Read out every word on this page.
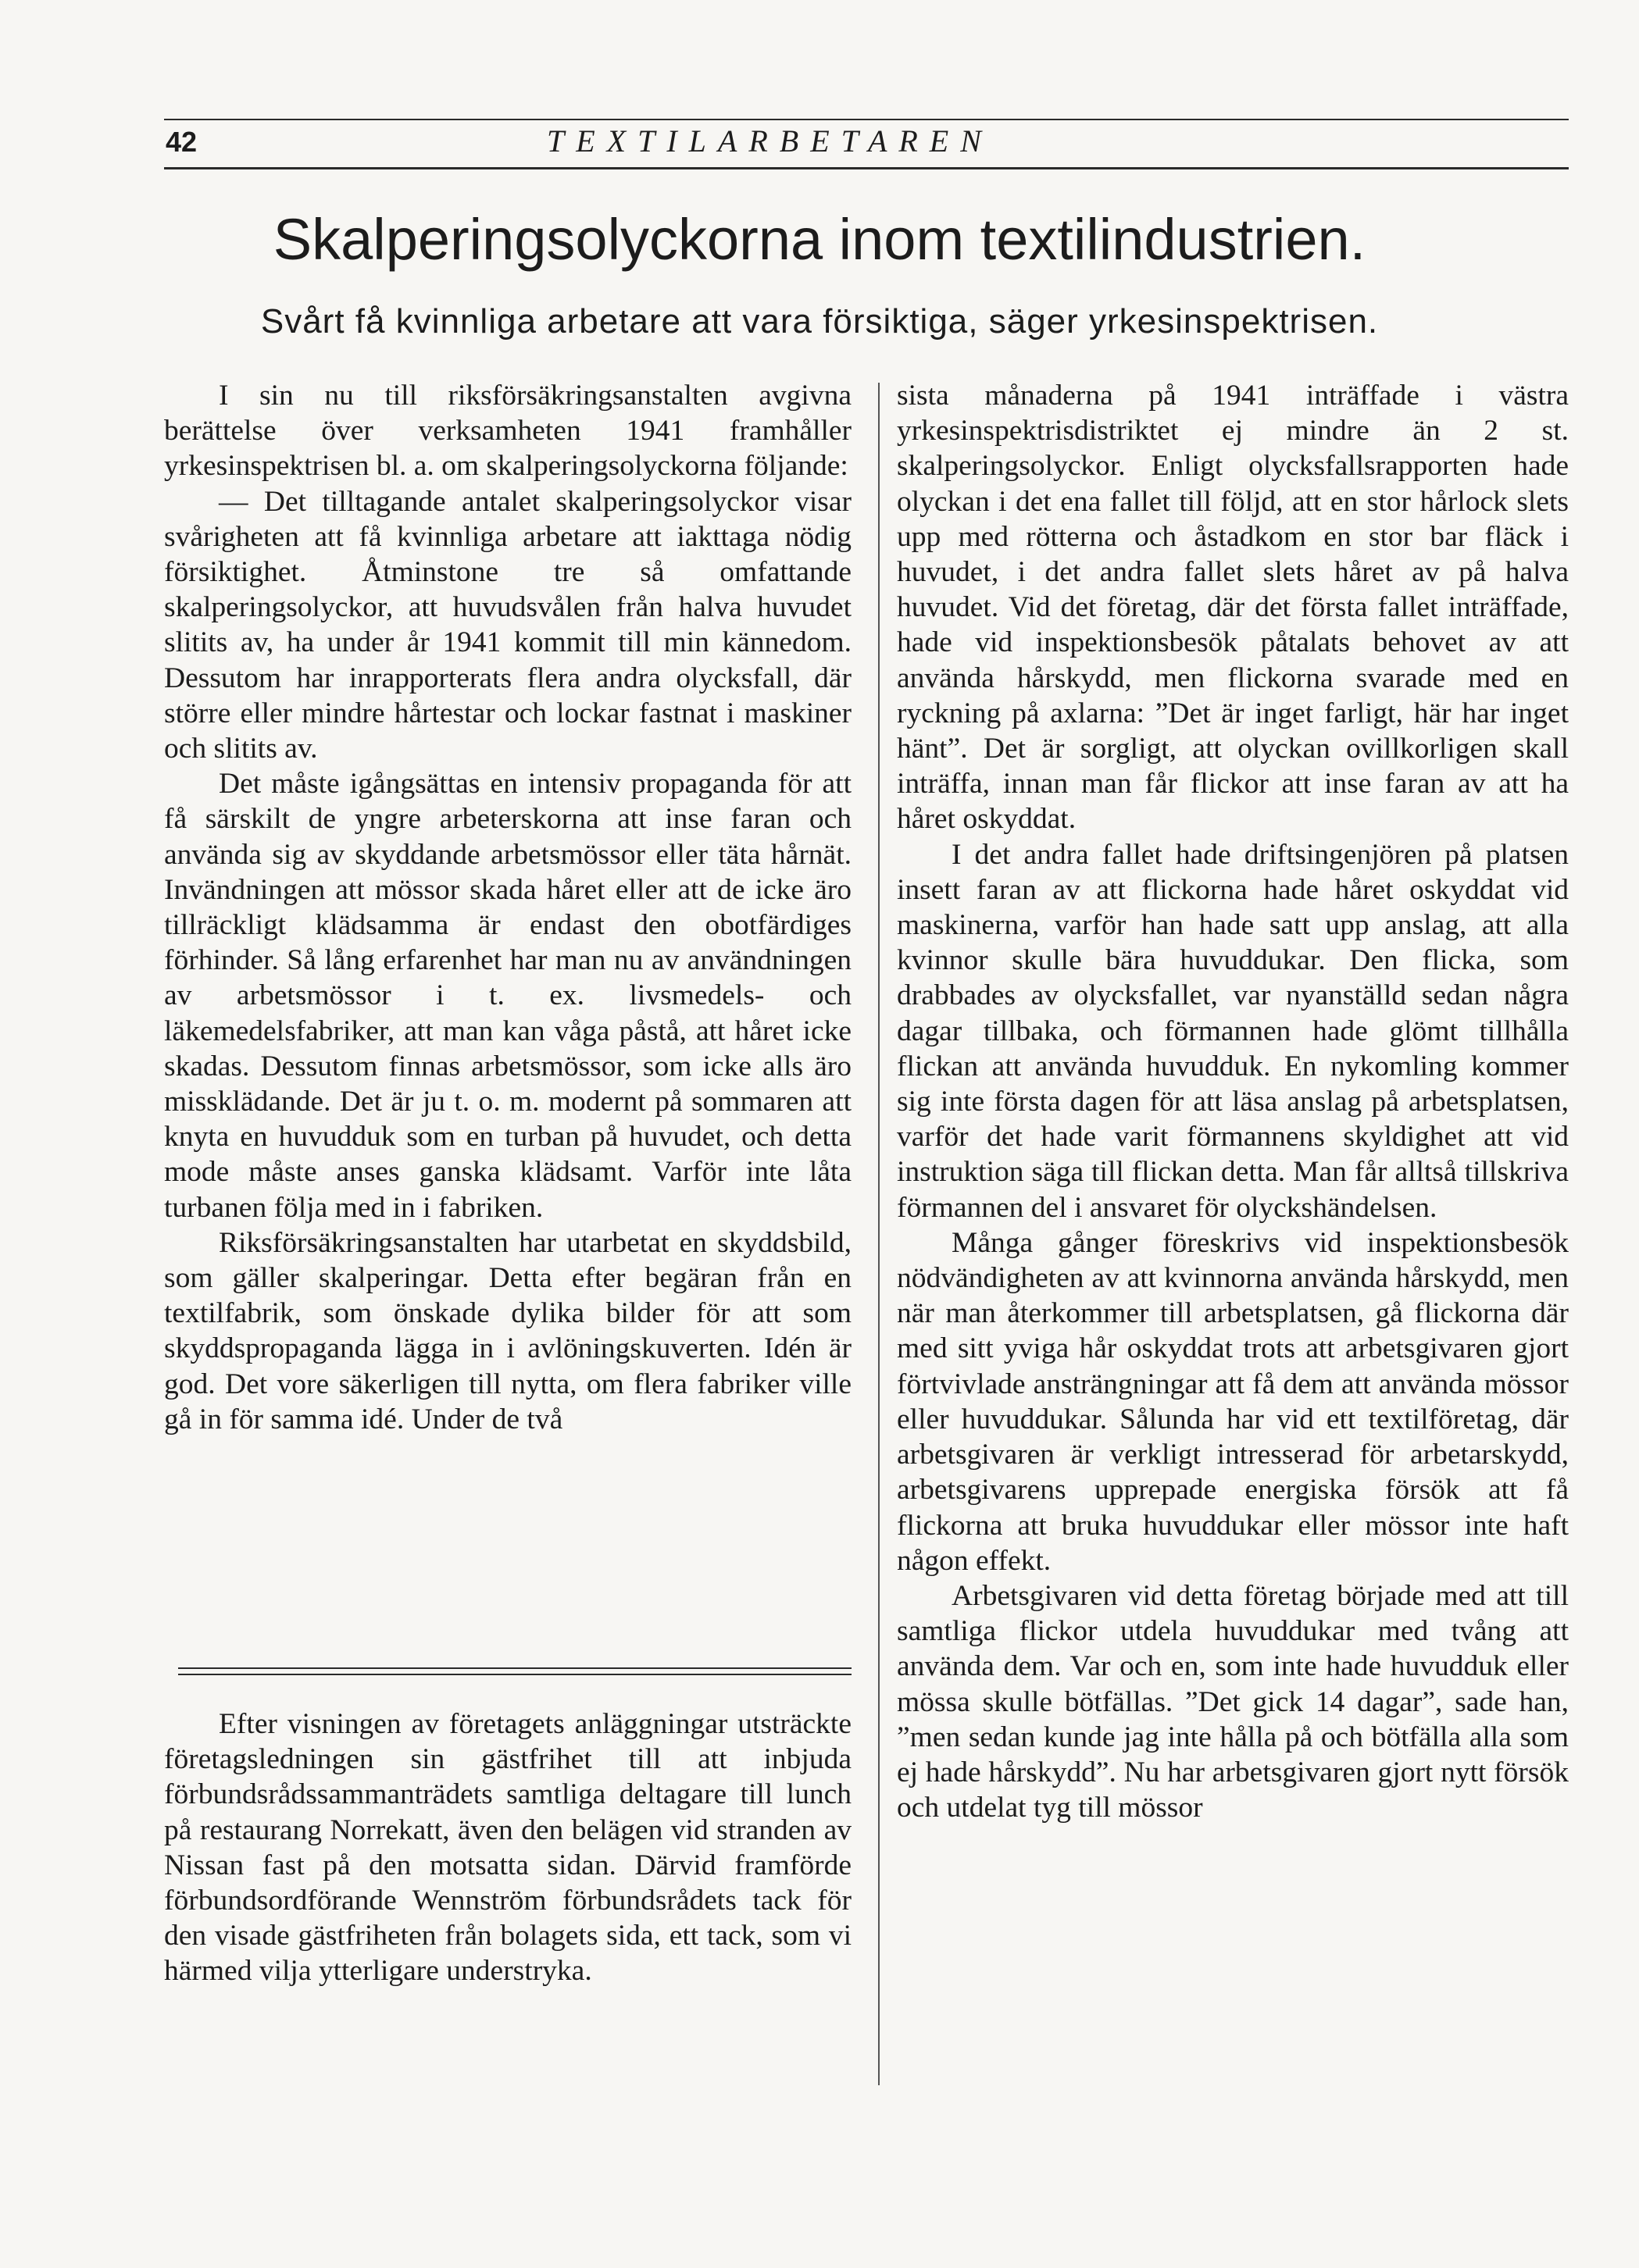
42	TEXTILARBETAREN
Skalperingsolyckorna inom textilindustrien.
Svårt få kvinnliga arbetare att vara försiktiga, säger yrkesinspektrisen.

I sin nu till riksförsäkringsanstalten avgivna berättelse över verksamheten 1941 framhåller yrkesinspektrisen bl. a. om skalperingsolyckorna följande:

— Det tilltagande antalet skalperingsolyckor visar svårigheten att få kvinnliga arbetare att iakttaga nödig försiktighet. Åtminstone tre så omfattande skalperingsolyckor, att huvudsvålen från halva huvudet slitits av, ha under år 1941 kommit till min kännedom. Dessutom har inrapporterats flera andra olycksfall, där större eller mindre hårtestar och lockar fastnat i maskiner och slitits av.

Det måste igångsättas en intensiv propaganda för att få särskilt de yngre arbeterskorna att inse faran och använda sig av skyddande arbetsmössor eller täta hårnät. Invändningen att mössor skada håret eller att de icke äro tillräckligt klädsamma är endast den obotfärdiges förhinder. Så lång erfarenhet har man nu av användningen av arbetsmössor i t. ex. livsmedels- och läkemedelsfabriker, att man kan våga påstå, att håret icke skadas. Dessutom finnas arbetsmössor, som icke alls äro missklädande. Det är ju t. o. m. modernt på sommaren att knyta en huvudduk som en turban på huvudet, och detta mode måste anses ganska klädsamt. Varför inte låta turbanen följa med in i fabriken.

Riksförsäkringsanstalten har utarbetat en skyddsbild, som gäller skalperingar. Detta efter begäran från en textilfabrik, som önskade dylika bilder för att som skyddspropaganda lägga in i avlöningskuverten. Idén är god. Det vore säkerligen till nytta, om flera fabriker ville gå in för samma idé. Under de två

Efter visningen av företagets anläggningar utsträckte företagsledningen sin gästfrihet till att inbjuda förbundsrådssammanträdets samtliga deltagare till lunch på restaurang Norrekatt, även den belägen vid stranden av Nissan fast på den motsatta sidan. Därvid framförde förbundsordförande Wennström förbundsrådets tack för den visade gästfriheten från bolagets sida, ett tack, som vi härmed vilja ytterligare understryka.

sista månaderna på 1941 inträffade i västra yrkesinspektrisdistriktet ej mindre än 2 st. skalperingsolyckor. Enligt olycksfallsrapporten hade olyckan i det ena fallet till följd, att en stor hårlock slets upp med rötterna och åstadkom en stor bar fläck i huvudet, i det andra fallet slets håret av på halva huvudet. Vid det företag, där det första fallet inträffade, hade vid inspektionsbesök påtalats behovet av att använda hårskydd, men flickorna svarade med en ryckning på axlarna: ”Det är inget farligt, här har inget hänt”. Det är sorgligt, att olyckan ovillkorligen skall inträffa, innan man får flickor att inse faran av att ha håret oskyddat.

I det andra fallet hade driftsingenjören på platsen insett faran av att flickorna hade håret oskyddat vid maskinerna, varför han hade satt upp anslag, att alla kvinnor skulle bära huvuddukar. Den flicka, som drabbades av olycksfallet, var nyanställd sedan några dagar tillbaka, och förmannen hade glömt tillhålla flickan att använda huvudduk. En nykomling kommer sig inte första dagen för att läsa anslag på arbetsplatsen, varför det hade varit förmannens skyldighet att vid instruktion säga till flickan detta. Man får alltså tillskriva förmannen del i ansvaret för olyckshändelsen.

Många gånger föreskrivs vid inspektionsbesök nödvändigheten av att kvinnorna använda hårskydd, men när man återkommer till arbetsplatsen, gå flickorna där med sitt yviga hår oskyddat trots att arbetsgivaren gjort förtvivlade ansträngningar att få dem att använda mössor eller huvuddukar. Sålunda har vid ett textilföretag, där arbetsgivaren är verkligt intresserad för arbetarskydd, arbetsgivarens upprepade energiska försök att få flickorna att bruka huvuddukar eller mössor inte haft någon effekt.

Arbetsgivaren vid detta företag började med att till samtliga flickor utdela huvuddukar med tvång att använda dem. Var och en, som inte hade huvudduk eller mössa skulle bötfällas. ”Det gick 14 dagar”, sade han, ”men sedan kunde jag inte hålla på och bötfälla alla som ej hade hårskydd”. Nu har arbetsgivaren gjort nytt försök och utdelat tyg till mössor
